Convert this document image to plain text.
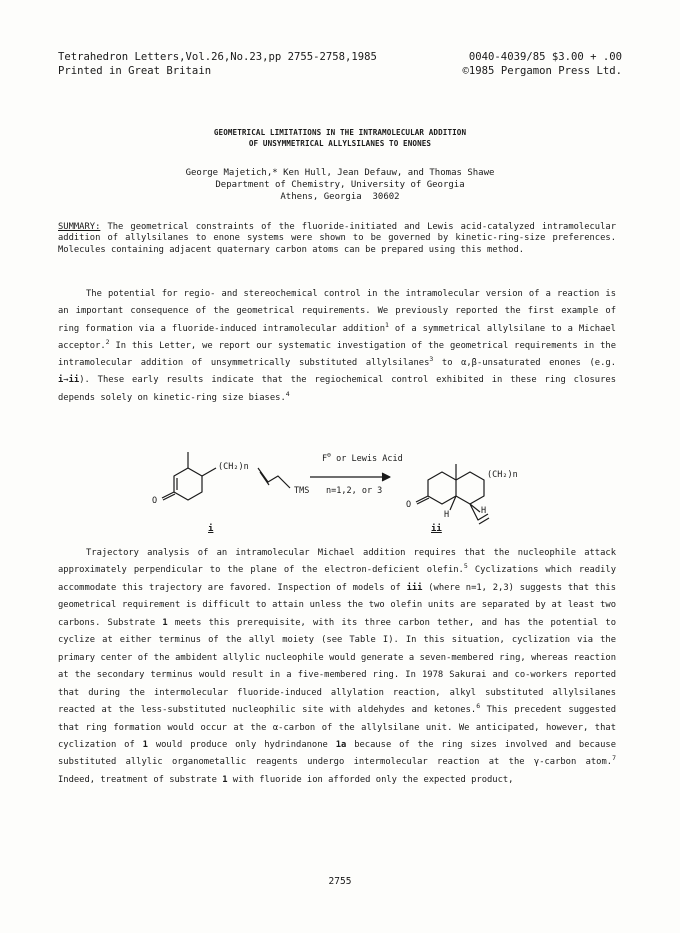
Tetrahedron Letters,Vol.26,No.23,pp 2755-2758,1985	0040-4039/85 $3.00 + .00
Printed in Great Britain	©1985 Pergamon Press Ltd.
GEOMETRICAL LIMITATIONS IN THE INTRAMOLECULAR ADDITION
OF UNSYMMETRICAL ALLYLSILANES TO ENONES
George Majetich,* Ken Hull, Jean Defauw, and Thomas Shawe
Department of Chemistry, University of Georgia
Athens, Georgia  30602
SUMMARY: The geometrical constraints of the fluoride-initiated and Lewis acid-catalyzed intramolecular addition of allylsilanes to enone systems were shown to be governed by kinetic-ring-size preferences. Molecules containing adjacent quaternary carbon atoms can be prepared using this method.
The potential for regio- and stereochemical control in the intramolecular version of a reaction is an important consequence of the geometrical requirements. We previously reported the first example of ring formation via a fluoride-induced intramolecular addition$^1$ of a symmetrical allylsilane to a Michael acceptor.$^2$ In this Letter, we report our systematic investigation of the geometrical requirements in the intramolecular addition of unsymmetrically substituted allylsilanes$^3$ to α,β-unsaturated enones (e.g. i→ii). These early results indicate that the regiochemical control exhibited in these ring closures depends solely on kinetic-ring size biases.$^4$
(CH₂)n
(CH₂)n
TMS n=1,2, or 3
F⊖ or Lewis Acid
O	O
H	H
i	ii
Trajectory analysis of an intramolecular Michael addition requires that the nucleophile attack approximately perpendicular to the plane of the electron-deficient olefin.$^5$ Cyclizations which readily accommodate this trajectory are favored. Inspection of models of iii (where n=1, 2,3) suggests that this geometrical requirement is difficult to attain unless the two olefin units are separated by at least two carbons. Substrate 1 meets this prerequisite, with its three carbon tether, and has the potential to cyclize at either terminus of the allyl moiety (see Table I). In this situation, cyclization via the primary center of the ambident allylic nucleophile would generate a seven-membered ring, whereas reaction at the secondary terminus would result in a five-membered ring. In 1978 Sakurai and co-workers reported that during the intermolecular fluoride-induced allylation reaction, alkyl substituted allylsilanes reacted at the less-substituted nucleophilic site with aldehydes and ketones.$^6$ This precedent suggested that ring formation would occur at the α-carbon of the allylsilane unit. We anticipated, however, that cyclization of 1 would produce only hydrindanone 1a because of the ring sizes involved and because substituted allylic organometallic reagents undergo intermolecular reaction at the γ-carbon atom.$^7$ Indeed, treatment of substrate 1 with fluoride ion afforded only the expected product,
2755
